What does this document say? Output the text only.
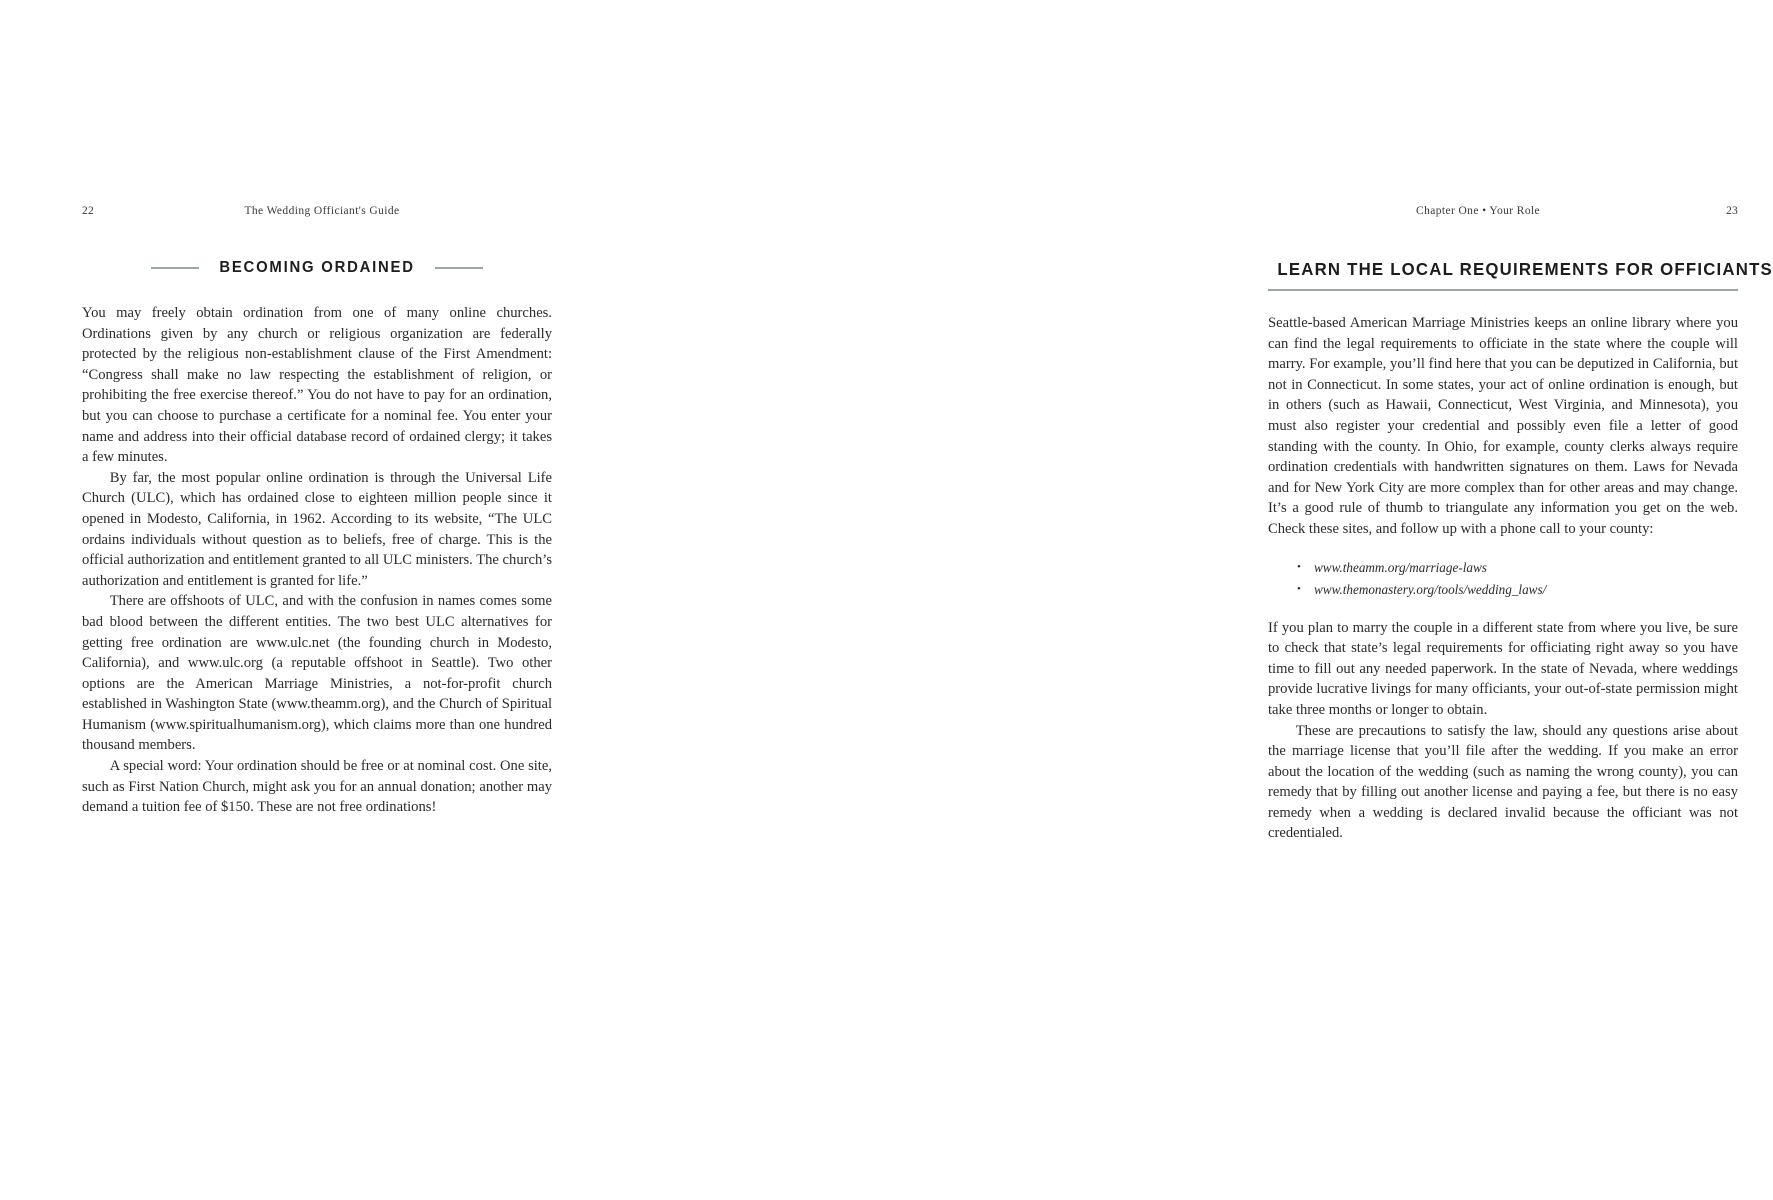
22	The Wedding Officiant's Guide
BECOMING ORDAINED

You may freely obtain ordination from one of many online churches. Ordinations given by any church or religious organization are federally protected by the religious non-establishment clause of the First Amendment: “Congress shall make no law respecting the establishment of religion, or prohibiting the free exercise thereof.” You do not have to pay for an ordination, but you can choose to purchase a certificate for a nominal fee. You enter your name and address into their official database record of ordained clergy; it takes a few minutes.

By far, the most popular online ordination is through the Universal Life Church (ULC), which has ordained close to eighteen million people since it opened in Modesto, California, in 1962. According to its website, “The ULC ordains individuals without question as to beliefs, free of charge. This is the official authorization and entitlement granted to all ULC ministers. The church’s authorization and entitlement is granted for life.”

There are offshoots of ULC, and with the confusion in names comes some bad blood between the different entities. The two best ULC alternatives for getting free ordination are www.ulc.net (the founding church in Modesto, California), and www.ulc.org (a reputable offshoot in Seattle). Two other options are the American Marriage Ministries, a not-for-profit church established in Washington State (www.theamm.org), and the Church of Spiritual Humanism (www.spiritualhumanism.org), which claims more than one hundred thousand members.

A special word: Your ordination should be free or at nominal cost. One site, such as First Nation Church, might ask you for an annual donation; another may demand a tuition fee of $150. These are not free ordinations!

Chapter One • Your Role	23
LEARN THE LOCAL REQUIREMENTS FOR OFFICIANTS

Seattle-based American Marriage Ministries keeps an online library where you can find the legal requirements to officiate in the state where the couple will marry. For example, you’ll find here that you can be deputized in California, but not in Connecticut. In some states, your act of online ordination is enough, but in others (such as Hawaii, Connecticut, West Virginia, and Minnesota), you must also register your credential and possibly even file a letter of good standing with the county. In Ohio, for example, county clerks always require ordination credentials with handwritten signatures on them. Laws for Nevada and for New York City are more complex than for other areas and may change. It’s a good rule of thumb to triangulate any information you get on the web. Check these sites, and follow up with a phone call to your county:

• www.theamm.org/marriage-laws
• www.themonastery.org/tools/wedding_laws/

If you plan to marry the couple in a different state from where you live, be sure to check that state’s legal requirements for officiating right away so you have time to fill out any needed paperwork. In the state of Nevada, where weddings provide lucrative livings for many officiants, your out-of-state permission might take three months or longer to obtain.

These are precautions to satisfy the law, should any questions arise about the marriage license that you’ll file after the wedding. If you make an error about the location of the wedding (such as naming the wrong county), you can remedy that by filling out another license and paying a fee, but there is no easy remedy when a wedding is declared invalid because the officiant was not credentialed.
